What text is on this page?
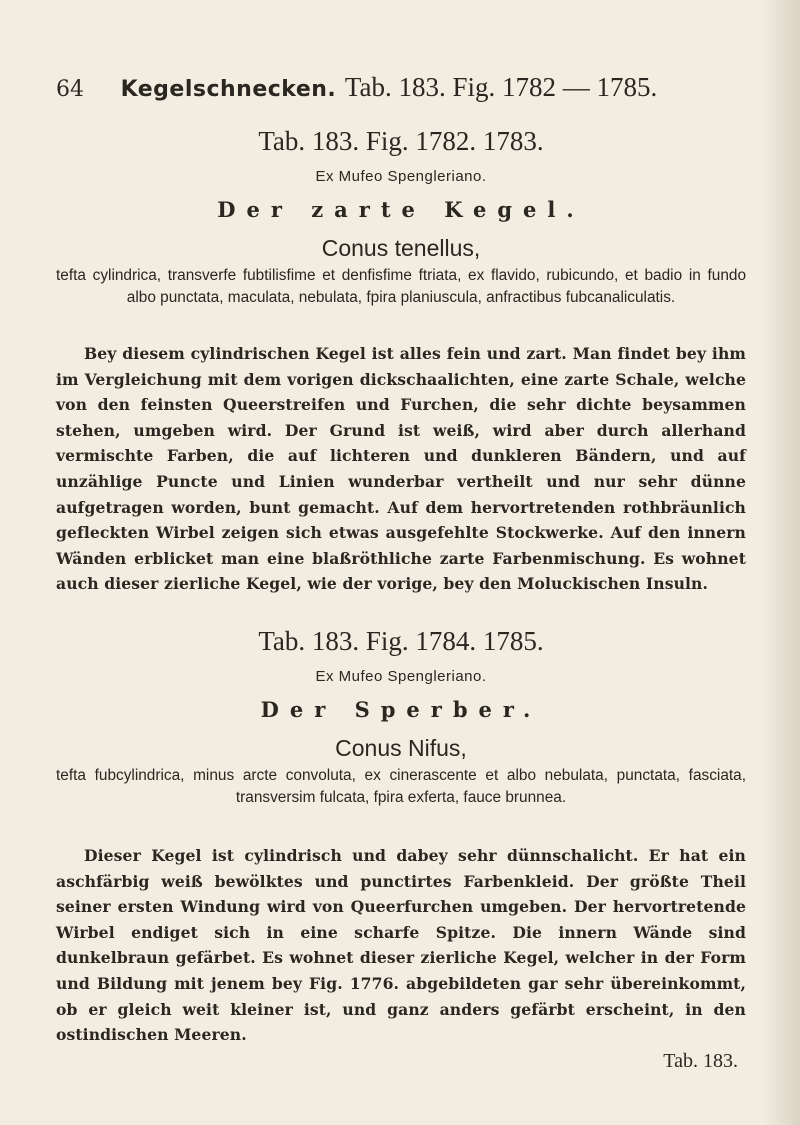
64 Kegelschnecken. Tab. 183. Fig. 1782 — 1785.
Tab. 183. Fig. 1782. 1783.
Ex Mufeo Spengleriano.
Der zarte Kegel.
Conus tenellus,
tefta cylindrica, transverfe fubtilisfime et denfisfime ftriata, ex flavido, rubicundo, et badio in fundo albo punctata, maculata, nebulata, fpira planiuscula, anfractibus fubcanaliculatis.
Bey diesem cylindrischen Kegel ist alles fein und zart. Man findet bey ihm im Vergleichung mit dem vorigen dickschaalichten, eine zarte Schale, welche von den feinsten Queerstreifen und Furchen, die sehr dichte beysammen stehen, umgeben wird. Der Grund ist weiß, wird aber durch allerhand vermischte Farben, die auf lichteren und dunkleren Bändern, und auf unzählige Puncte und Linien wunderbar vertheilt und nur sehr dünne aufgetragen worden, bunt gemacht. Auf dem hervortretenden rothbräunlich gefleckten Wirbel zeigen sich etwas ausgefehlte Stockwerke. Auf den innern Wänden erblicket man eine blaßröthliche zarte Farbenmischung. Es wohnet auch dieser zierliche Kegel, wie der vorige, bey den Moluckischen Insuln.
Tab. 183. Fig. 1784. 1785.
Ex Mufeo Spengleriano.
Der Sperber.
Conus Nifus,
tefta fubcylindrica, minus arcte convoluta, ex cinerascente et albo nebulata, punctata, fasciata, transversim fulcata, fpira exferta, fauce brunnea.
Dieser Kegel ist cylindrisch und dabey sehr dünnschalicht. Er hat ein aschfärbig weiß bewölktes und punctirtes Farbenkleid. Der größte Theil seiner ersten Windung wird von Queerfurchen umgeben. Der hervortretende Wirbel endiget sich in eine scharfe Spitze. Die innern Wände sind dunkelbraun gefärbet. Es wohnet dieser zierliche Kegel, welcher in der Form und Bildung mit jenem bey Fig. 1776. abgebildeten gar sehr übereinkommt, ob er gleich weit kleiner ist, und ganz anders gefärbt erscheint, in den ostindischen Meeren.
Tab. 183.
